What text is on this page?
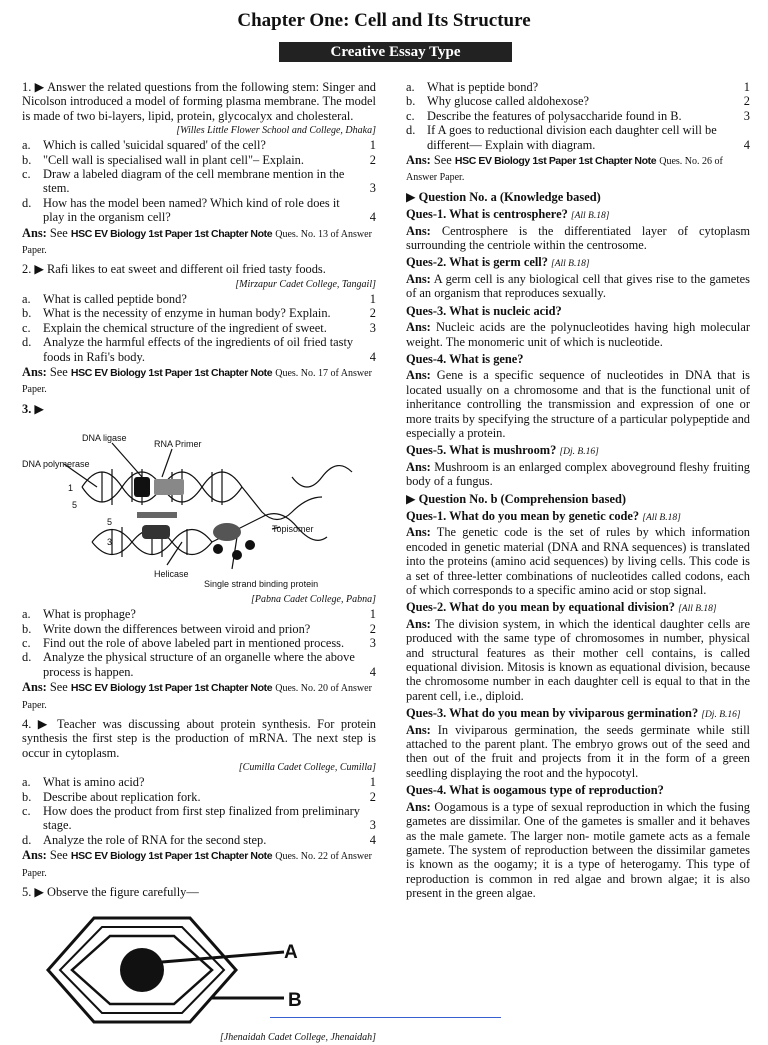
Chapter One: Cell and Its Structure
Creative Essay Type

1. ▶ Answer the related questions from the following stem: Singer and Nicolson introduced a model of forming plasma membrane. The model is made of two bi-layers, lipid, protein, glycocalyx and cholesteral.

[Willes Little Flower School and College, Dhaka]
a. Which is called 'suicidal squared' of the cell?	1
b. "Cell wall is specialised wall in plant cell"– Explain.	2
c. Draw a labeled diagram of the cell membrane mention in the stem.	3
d. How has the model been named? Which kind of role does it play in the organism cell?	4
Ans: See HSC EV Biology 1st Paper 1st Chapter Note Ques. No. 13 of Answer Paper.

2. ▶ Rafi likes to eat sweet and different oil fried tasty foods.

[Mirzapur Cadet College, Tangail]
a. What is called peptide bond?	1
b. What is the necessity of enzyme in human body? Explain.	2
c. Explain the chemical structure of the ingredient of sweet.	3
d. Analyze the harmful effects of the ingredients of oil fried tasty foods in Rafi's body.	4
Ans: See HSC EV Biology 1st Paper 1st Chapter Note Ques. No. 17 of Answer Paper.

3. ▶

DNA ligase
RNA Primer
DNA polymerase
1
5
5
3
Helicase
Topisomer
Single strand binding protein
[Pabna Cadet College, Pabna]
a. What is prophage?	1
b. Write down the differences between viroid and prion?	2
c. Find out the role of above labeled part in mentioned process.	3
d. Analyze the physical structure of an organelle where the above process is happen.	4
Ans: See HSC EV Biology 1st Paper 1st Chapter Note Ques. No. 20 of Answer Paper.

4. ▶ Teacher was discussing about protein synthesis. For protein synthesis the first step is the production of mRNA. The next step is occur in cytoplasm.

[Cumilla Cadet College, Cumilla]
a. What is amino acid?	1
b. Describe about replication fork.	2
c. How does the product from first step finalized from preliminary stage.	3
d. Analyze the role of RNA for the second step.	4
Ans: See HSC EV Biology 1st Paper 1st Chapter Note Ques. No. 22 of Answer Paper.

5. ▶ Observe the figure carefully—

A
B
[Jhenaidah Cadet College, Jhenaidah]
a. What is peptide bond?	1
b. Why glucose called aldohexose?	2
c. Describe the features of polysaccharide found in B.	3
d. If A goes to reductional division each daughter cell will be different— Explain with diagram.	4
Ans: See HSC EV Biology 1st Paper 1st Chapter Note Ques. No. 26 of Answer Paper.
▶ Question No. a (Knowledge based)
Ques-1. What is centrosphere? [All B.18]

Ans: Centrosphere is the differentiated layer of cytoplasm surrounding the centriole within the centrosome.

Ques-2. What is germ cell? [All B.18]

Ans: A germ cell is any biological cell that gives rise to the gametes of an organism that reproduces sexually.

Ques-3. What is nucleic acid?

Ans: Nucleic acids are the polynucleotides having high molecular weight. The monomeric unit of which is nucleotide.

Ques-4. What is gene?

Ans: Gene is a specific sequence of nucleotides in DNA that is located usually on a chromosome and that is the functional unit of inheritance controlling the transmission and expression of one or more traits by specifying the structure of a particular polypeptide and especially a protein.

Ques-5. What is mushroom? [Dj. B.16]

Ans: Mushroom is an enlarged complex aboveground fleshy fruiting body of a fungus.

▶ Question No. b (Comprehension based)
Ques-1. What do you mean by genetic code? [All B.18]

Ans: The genetic code is the set of rules by which information encoded in genetic material (DNA and RNA sequences) is translated into the proteins (amino acid sequences) by living cells. This code is a set of three-letter combinations of nucleotides called codons, each of which corresponds to a specific amino acid or stop signal.

Ques-2. What do you mean by equational division? [All B.18]

Ans: The division system, in which the identical daughter cells are produced with the same type of chromosomes in number, physical and structural features as their mother cell contains, is called equational division. Mitosis is known as equational division, because the chromosome number in each daughter cell is equal to that in the parent cell, i.e., diploid.

Ques-3. What do you mean by viviparous germination? [Dj. B.16]

Ans: In viviparous germination, the seeds germinate while still attached to the parent plant. The embryo grows out of the seed and then out of the fruit and projects from it in the form of a green seedling displaying the root and the hypocotyl.

Ques-4. What is oogamous type of reproduction?

Ans: Oogamous is a type of sexual reproduction in which the fusing gametes are dissimilar. One of the gametes is smaller and it behaves as the male gamete. The larger non- motile gamete acts as a female gamete. The system of reproduction between the dissimilar gametes is known as the oogamy; it is a type of heterogamy. This type of reproduction is common in red algae and brown algae; it is also present in the green algae.
